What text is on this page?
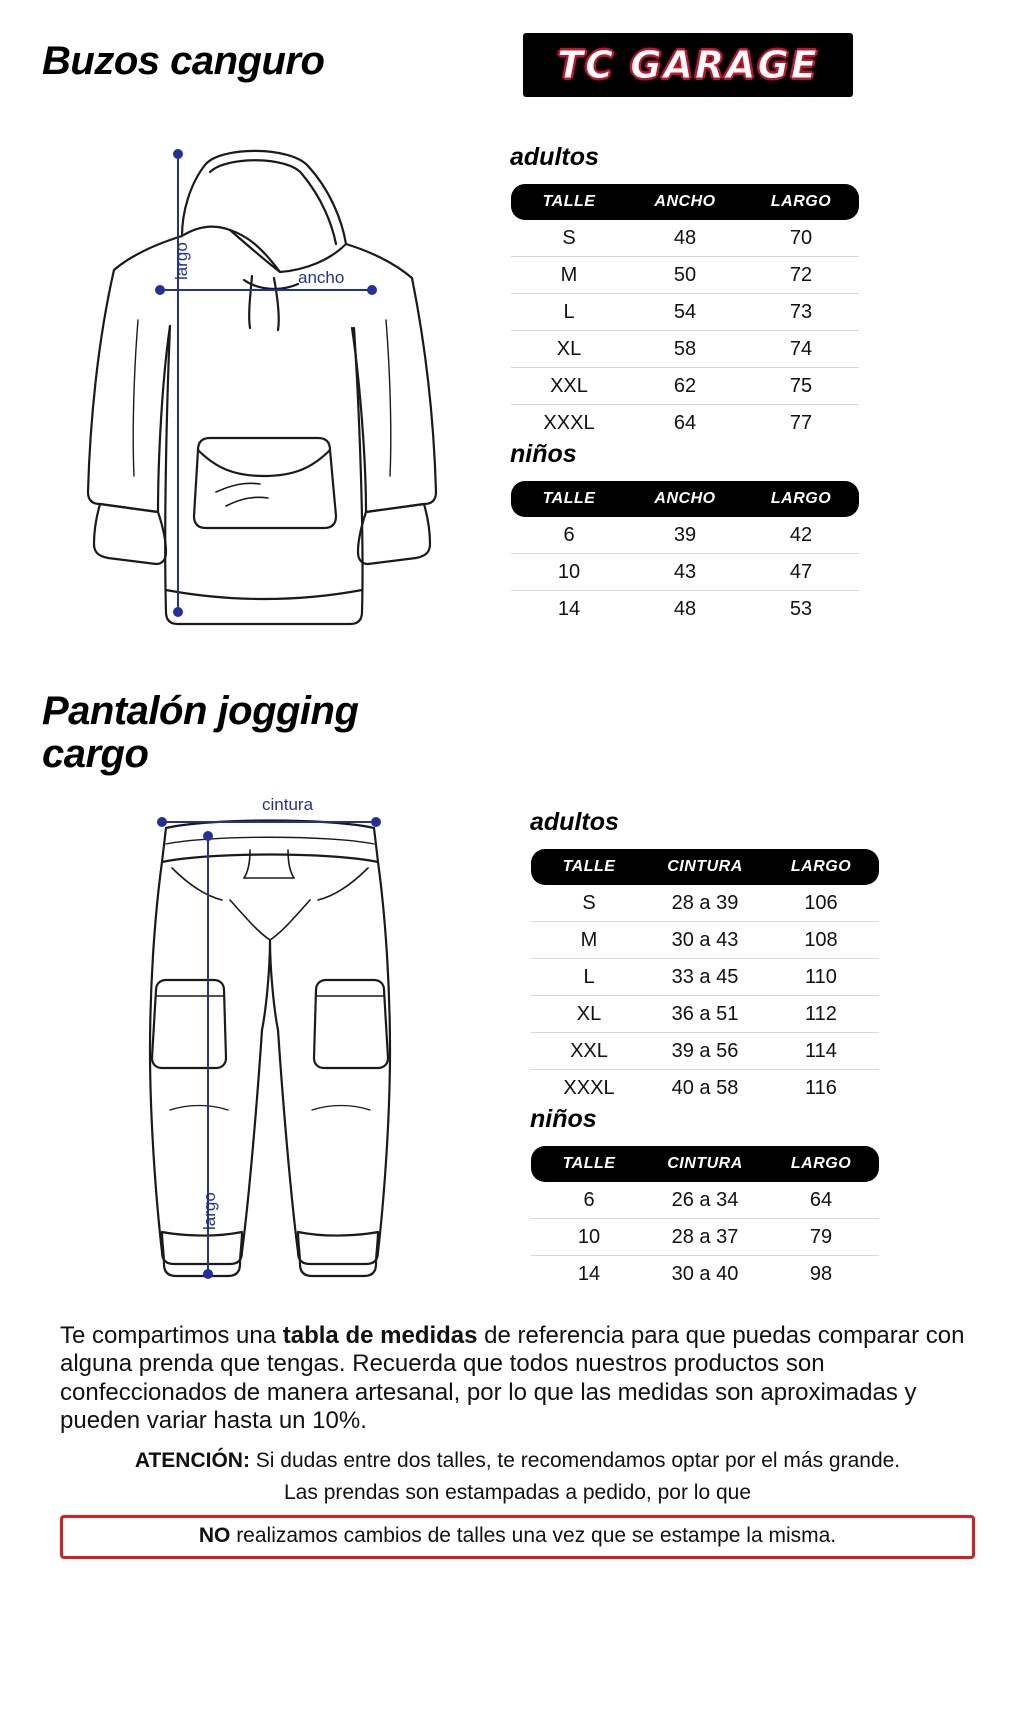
Buzos canguro	TC GARAGE
largo	ancho
adultos
TALLE	ANCHO	LARGO
S	48	70
M	50	72
L	54	73
XL	58	74
XXL	62	75
XXXL	64	77
niños
TALLE	ANCHO	LARGO
6	39	42
10	43	47
14	48	53
Pantalón jogging cargo
cintura
largo
adultos
TALLE	CINTURA	LARGO
S	28 a 39	106
M	30 a 43	108
L	33 a 45	110
XL	36 a 51	112
XXL	39 a 56	114
XXXL	40 a 58	116
niños
TALLE	CINTURA	LARGO
6	26 a 34	64
10	28 a 37	79
14	30 a 40	98
Te compartimos una tabla de medidas de referencia para que puedas comparar con alguna prenda que tengas. Recuerda que todos nuestros productos son confeccionados de manera artesanal, por lo que las medidas son aproximadas y pueden variar hasta un 10%.
ATENCIÓN: Si dudas entre dos talles, te recomendamos optar por el más grande.
Las prendas son estampadas a pedido, por lo que
NO realizamos cambios de talles una vez que se estampe la misma.
